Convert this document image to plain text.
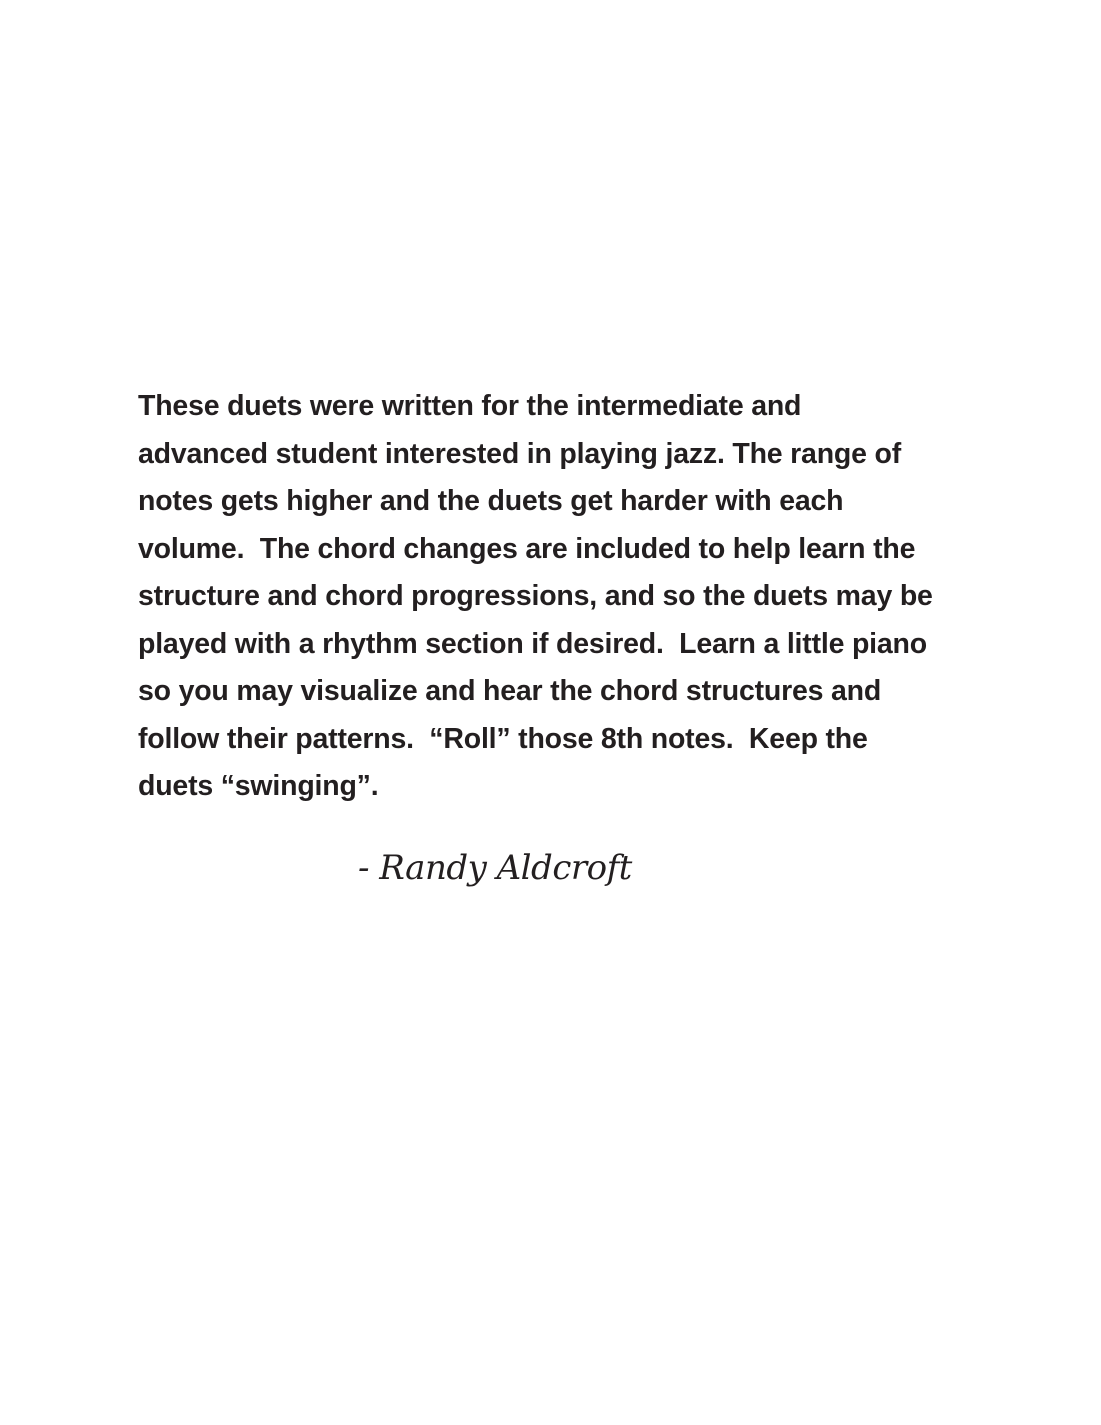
These duets were written for the intermediate and
advanced student interested in playing jazz. The range of
notes gets higher and the duets get harder with each
volume.  The chord changes are included to help learn the
structure and chord progressions, and so the duets may be
played with a rhythm section if desired.  Learn a little piano
so you may visualize and hear the chord structures and
follow their patterns.  “Roll” those 8th notes.  Keep the
duets “swinging”.

- Randy Aldcroft
